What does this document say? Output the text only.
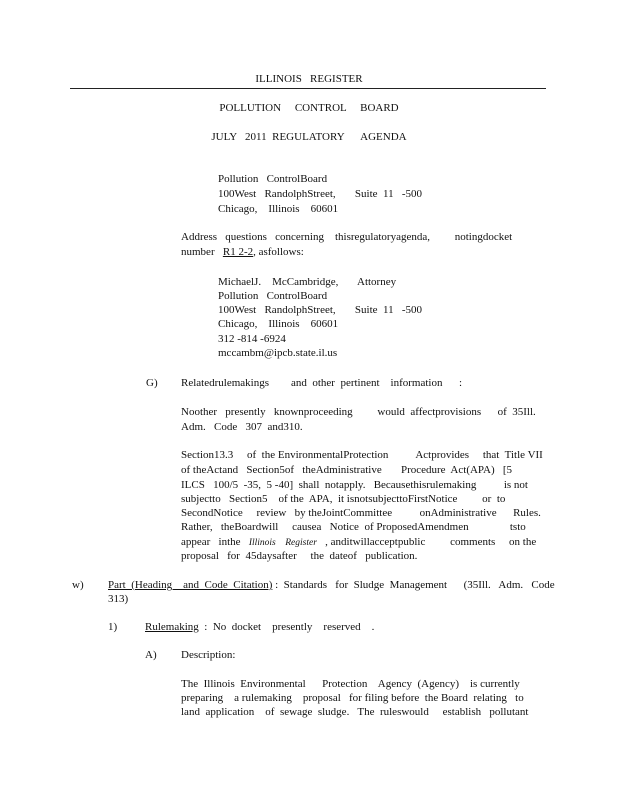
ILLINOIS   REGISTER
POLLUTION     CONTROL     BOARD
JULY   2011  REGULATORY      AGENDA
Pollution   ControlBoard
100West   RandolphStreet,       Suite  11   -500
Chicago,    Illinois    60601
Address   questions   concerning    thisregulatoryagenda,         notingdocket
number   R1 2-2, asfollows:
MichaelJ.    McCambridge,       Attorney
Pollution   ControlBoard
100West   RandolphStreet,       Suite  11   -500
Chicago,    Illinois    60601
312 -814 -6924
mccambm@ipcb.state.il.us
G) Relatedrulemakings        and  other  pertinent    information      :
Noother   presently   knownproceeding         would  affectprovisions      of  35Ill.
Adm.   Code   307  and310.
Section13.3     of  the EnvironmentalProtection          Actprovides     that  Title VII
of theActand   Section5of   theAdministrative       Procedure  Act(APA)   [5
ILCS   100/5  -35,  5 -40]  shall  notapply.   Becausethisrulemaking          is not
subjectto   Section5    of the  APA,  it isnotsubjecttoFirstNotice         or  to
SecondNotice     review   by theJointCommittee          onAdministrative      Rules.
Rather,   theBoardwill     causea   Notice  of ProposedAmendmen               tsto
appear   inthe   Illinois    Register   , anditwillacceptpublic         comments     on the
proposal   for  45daysafter     the  dateof   publication.
w) Part  (Heading    and  Code  Citation) :  Standards   for  Sludge  Management      (35Ill.   Adm.   Code
313)
1)	Rulemaking  :  No  docket    presently    reserved    .
A) Description:
The  Illinois  Environmental      Protection    Agency  (Agency)    is currently
preparing    a rulemaking    proposal   for filing before  the Board  relating   to
land  application    of  sewage  sludge.   The  ruleswould     establish   pollutant
